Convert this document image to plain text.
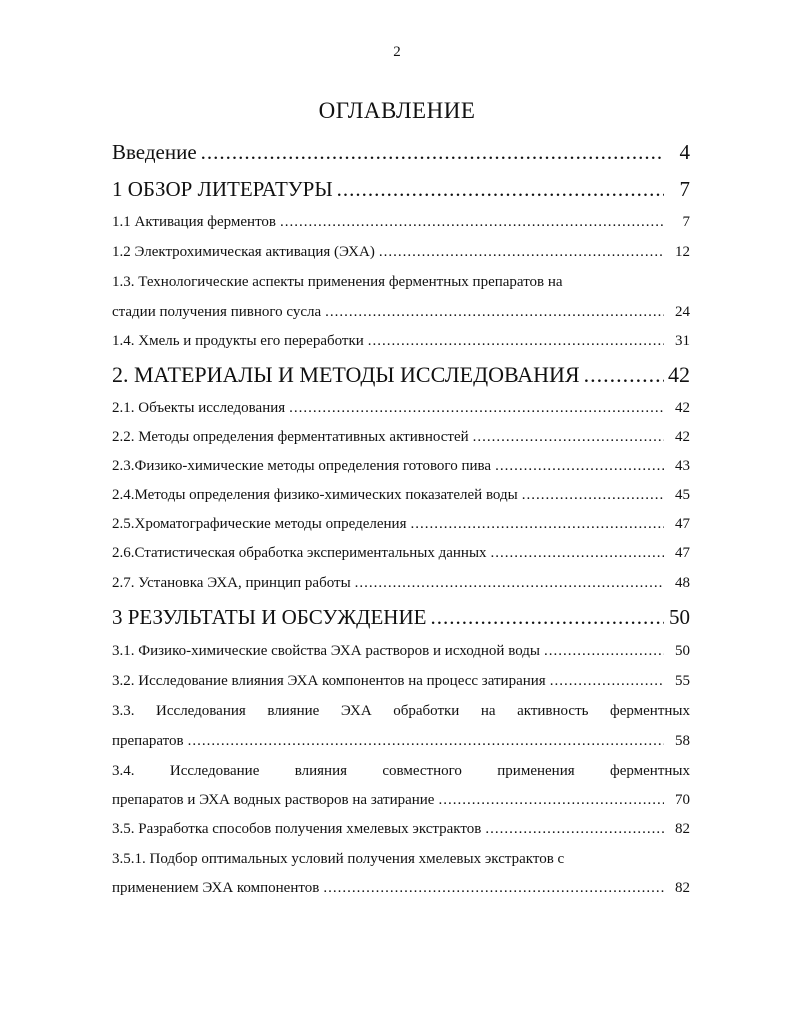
2
ОГЛАВЛЕНИЕ
Введение .....	4
1 ОБЗОР ЛИТЕРАТУРЫ .....	7
1.1 Активация ферментов .....	7
1.2 Электрохимическая активация (ЭХА) .....	12
1.3. Технологические аспекты применения ферментных препаратов на
стадии получения пивного сусла .....	24
1.4. Хмель и продукты его переработки .....	31
2. МАТЕРИАЛЫ И МЕТОДЫ ИССЛЕДОВАНИЯ .....	42
2.1. Объекты исследования .....	42
2.2. Методы определения ферментативных активностей .....	42
2.3.Физико-химические методы определения готового пива .....	43
2.4.Методы определения физико-химических показателей воды .....	45
2.5.Хроматографические методы определения .....	47
2.6.Статистическая обработка экспериментальных данных .....	47
2.7. Установка ЭХА, принцип работы .....	48
3 РЕЗУЛЬТАТЫ И ОБСУЖДЕНИЕ .....	50
3.1. Физико-химические свойства ЭХА растворов и исходной воды .....	50
3.2. Исследование влияния ЭХА компонентов на процесс затирания .....	55
3.3. Исследования влияние ЭХА обработки на активность ферментных
препаратов .....	58
3.4. Исследование влияния совместного применения ферментных
препаратов и ЭХА водных растворов на затирание .....	70
3.5. Разработка способов получения хмелевых экстрактов .....	82
3.5.1. Подбор оптимальных условий получения хмелевых экстрактов с
применением ЭХА компонентов .....	82
